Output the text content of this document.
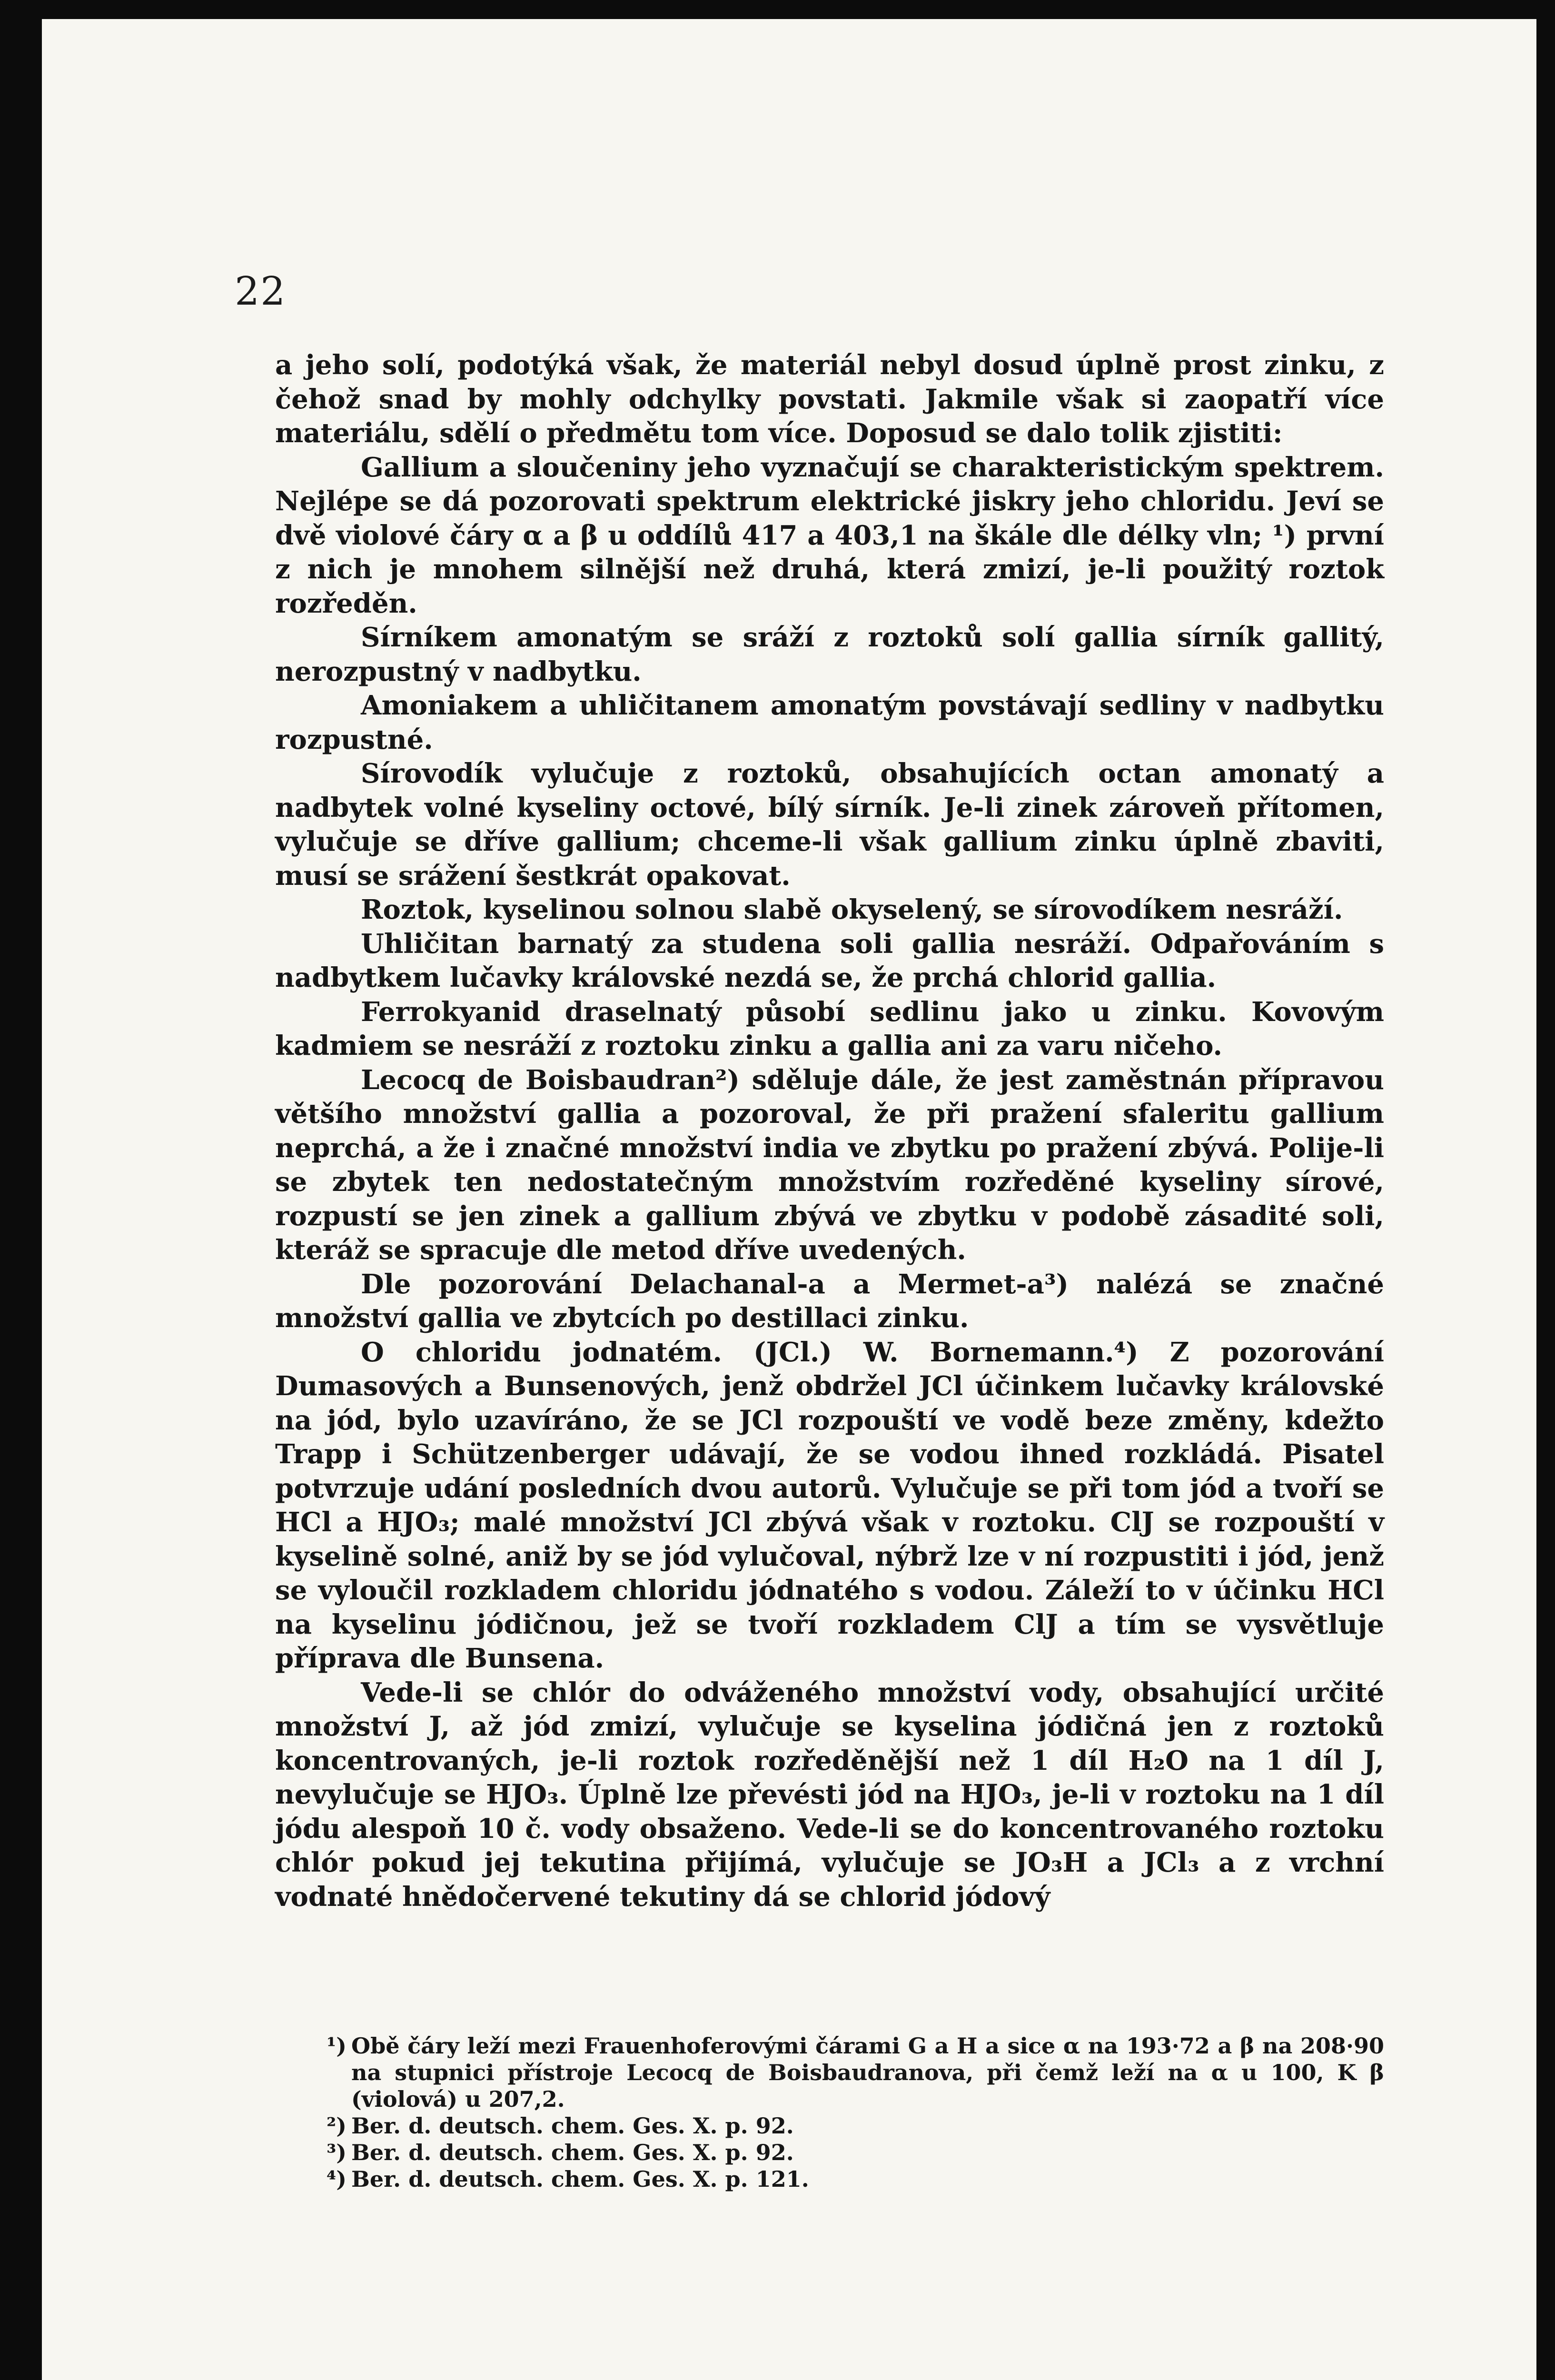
22

a jeho solí, podotýká však, že materiál nebyl dosud úplně prost zinku, z čehož snad by mohly odchylky povstati. Jakmile však si zaopatří více materiálu, sdělí o předmětu tom více. Doposud se dalo tolik zjistiti:

Gallium a sloučeniny jeho vyznačují se charakteristickým spektrem. Nejlépe se dá pozorovati spektrum elektrické jiskry jeho chloridu. Jeví se dvě violové čáry α a β u oddílů 417 a 403,1 na škále dle délky vln; ¹) první z nich je mnohem silnější než druhá, která zmizí, je-li použitý roztok rozředěn.

Sírníkem amonatým se sráží z roztoků solí gallia sírník gallitý, nerozpustný v nadbytku.

Amoniakem a uhličitanem amonatým povstávají sedliny v nadbytku rozpustné.

Sírovodík vylučuje z roztoků, obsahujících octan amonatý a nadbytek volné kyseliny octové, bílý sírník. Je-li zinek zároveň přítomen, vylučuje se dříve gallium; chceme-li však gallium zinku úplně zbaviti, musí se srážení šestkrát opakovat.

Roztok, kyselinou solnou slabě okyselený, se sírovodíkem nesráží.

Uhličitan barnatý za studena soli gallia nesráží. Odpařováním s nadbytkem lučavky královské nezdá se, že prchá chlorid gallia.

Ferrokyanid draselnatý působí sedlinu jako u zinku. Kovovým kadmiem se nesráží z roztoku zinku a gallia ani za varu ničeho.

Lecocq de Boisbaudran²) sděluje dále, že jest zaměstnán přípravou většího množství gallia a pozoroval, že při pražení sfaleritu gallium neprchá, a že i značné množství india ve zbytku po pražení zbývá. Polije-li se zbytek ten nedostatečným množstvím rozředěné kyseliny sírové, rozpustí se jen zinek a gallium zbývá ve zbytku v podobě zásadité soli, kteráž se spracuje dle metod dříve uvedených.

Dle pozorování Delachanal-a a Mermet-a³) nalézá se značné množství gallia ve zbytcích po destillaci zinku.

O chloridu jodnatém. (JCl.) W. Bornemann.⁴) Z pozorování Dumasových a Bunsenových, jenž obdržel JCl účinkem lučavky královské na jód, bylo uzavíráno, že se JCl rozpouští ve vodě beze změny, kdežto Trapp i Schützenberger udávají, že se vodou ihned rozkládá. Pisatel potvrzuje udání posledních dvou autorů. Vylučuje se při tom jód a tvoří se HCl a HJO₃; malé množství JCl zbývá však v roztoku. ClJ se rozpouští v kyselině solné, aniž by se jód vylučoval, nýbrž lze v ní rozpustiti i jód, jenž se vyloučil rozkladem chloridu jódnatého s vodou. Záleží to v účinku HCl na kyselinu jódičnou, jež se tvoří rozkladem ClJ a tím se vysvětluje příprava dle Bunsena.

Vede-li se chlór do odváženého množství vody, obsahující určité množství J, až jód zmizí, vylučuje se kyselina jódičná jen z roztoků koncentrovaných, je-li roztok rozředěnější než 1 díl H₂O na 1 díl J, nevylučuje se HJO₃. Úplně lze převésti jód na HJO₃, je-li v roztoku na 1 díl jódu alespoň 10 č. vody obsaženo. Vede-li se do koncentrovaného roztoku chlór pokud jej tekutina přijímá, vylučuje se JO₃H a JCl₃ a z vrchní vodnaté hnědočervené tekutiny dá se chlorid jódový

¹) Obě čáry leží mezi Frauenhoferovými čárami G a H a sice α na 193·72 a β na 208·90 na stupnici přístroje Lecocq de Boisbaudranova, při čemž leží na α u 100, K β (violová) u 207,2.
²) Ber. d. deutsch. chem. Ges. X. p. 92.
³) Ber. d. deutsch. chem. Ges. X. p. 92.
⁴) Ber. d. deutsch. chem. Ges. X. p. 121.
